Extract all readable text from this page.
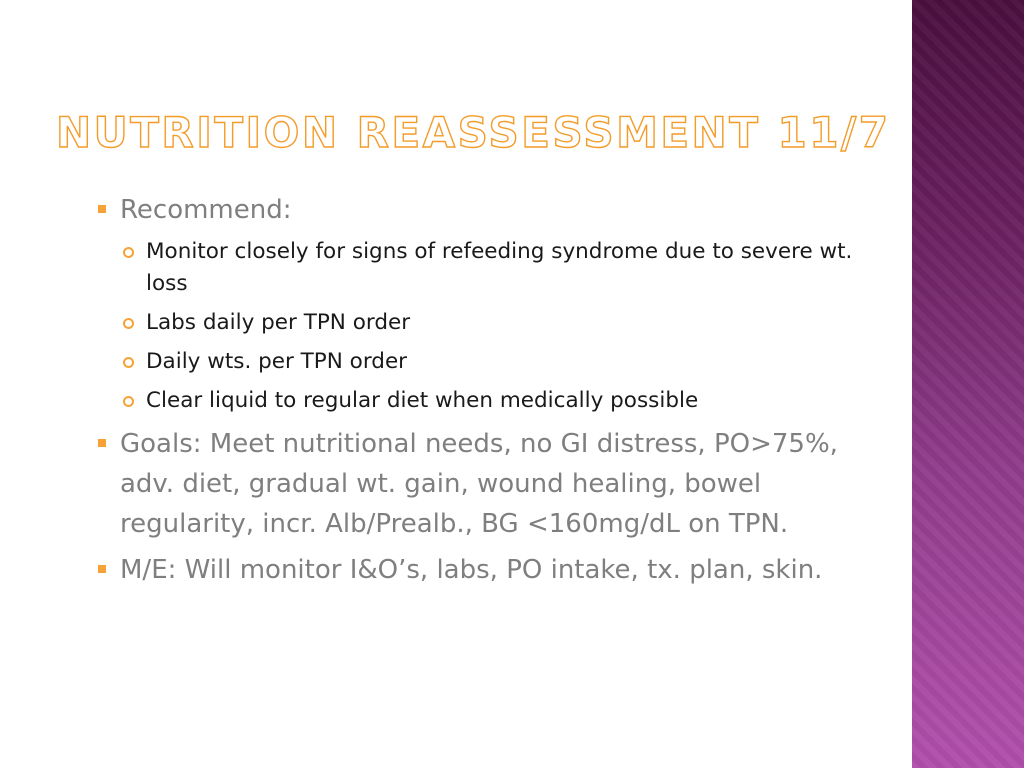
NUTRITION REASSESSMENT 11/7
Recommend:
Monitor closely for signs of refeeding syndrome due to severe wt. loss
Labs daily per TPN order
Daily wts. per TPN order
Clear liquid to regular diet when medically possible
Goals: Meet nutritional needs, no GI distress, PO>75%, adv. diet, gradual wt. gain, wound healing, bowel regularity, incr. Alb/Prealb., BG <160mg/dL on TPN.
M/E: Will monitor I&O’s, labs, PO intake, tx. plan, skin.
